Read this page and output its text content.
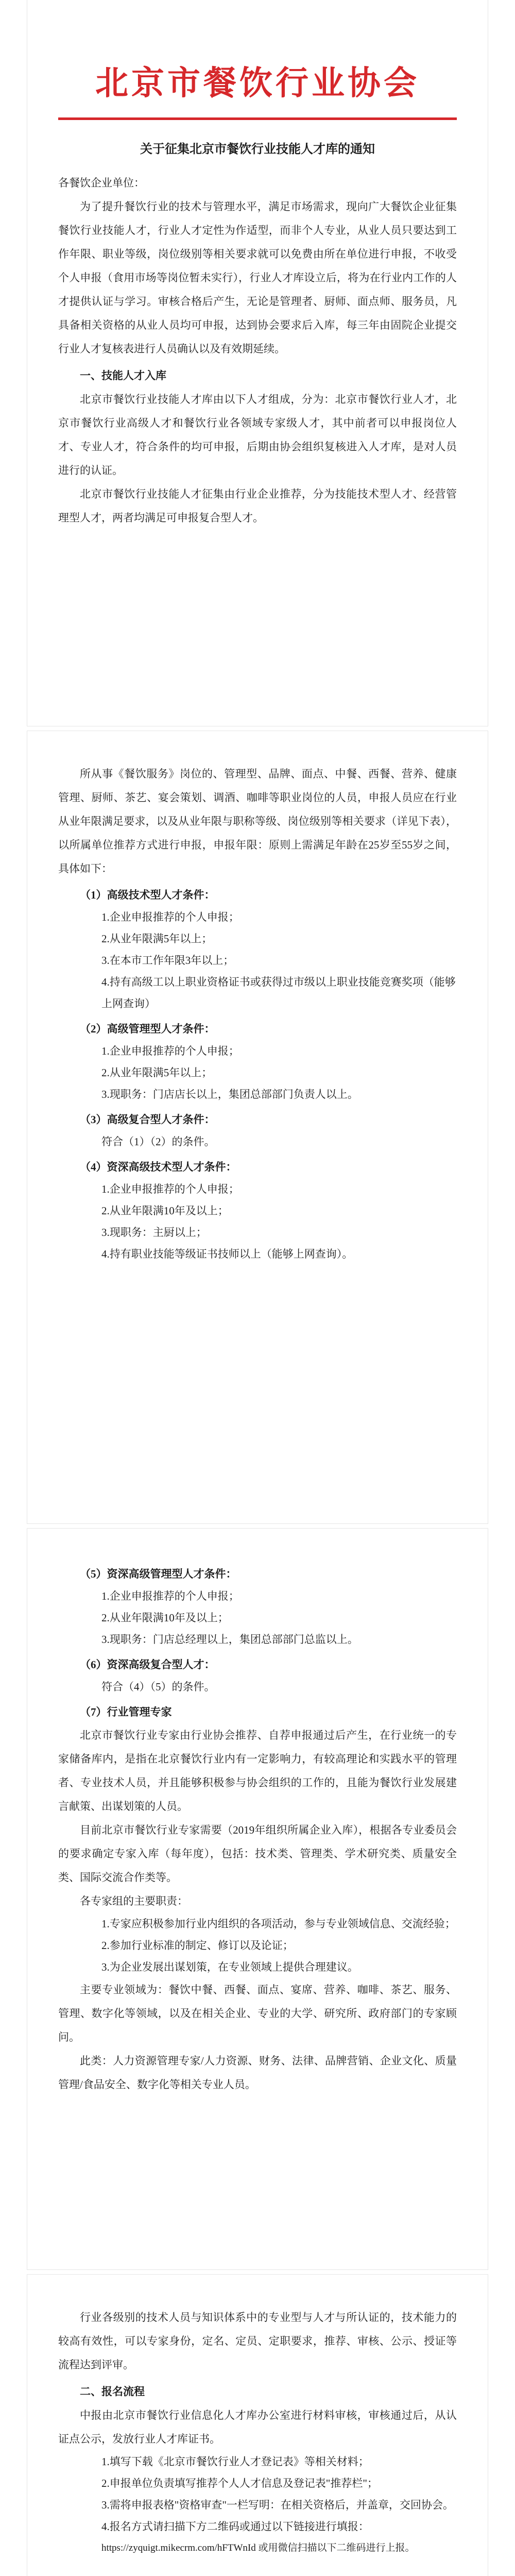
北京市餐饮行业协会
关于征集北京市餐饮行业技能人才库的通知

各餐饮企业单位：

为了提升餐饮行业的技术与管理水平，满足市场需求，现向广大餐饮企业征集餐饮行业技能人才，行业人才定性为作适型，而非个人专业，从业人员只要达到工作年限、职业等级，岗位级别等相关要求就可以免费由所在单位进行申报，不收受个人申报（食用市场等岗位暂未实行），行业人才库设立后，将为在行业内工作的人才提供认证与学习。审核合格后产生，无论是管理者、厨师、面点师、服务员，凡具备相关资格的从业人员均可申报，达到协会要求后入库，每三年由固院企业提交行业人才复核表进行人员确认以及有效期延续。

一、技能人才入库

北京市餐饮行业技能人才库由以下人才组成，分为：北京市餐饮行业人才，北京市餐饮行业高级人才和餐饮行业各领域专家级人才，其中前者可以申报岗位人才、专业人才，符合条件的均可申报，后期由协会组织复核进入人才库，是对人员进行的认证。

北京市餐饮行业技能人才征集由行业企业推荐，分为技能技术型人才、经营管理型人才，两者均满足可申报复合型人才。

所从事《餐饮服务》岗位的、管理型、品牌、面点、中餐、西餐、营养、健康管理、厨师、茶艺、宴会策划、调酒、咖啡等职业岗位的人员，申报人员应在行业从业年限满足要求，以及从业年限与职称等级、岗位级别等相关要求（详见下表），以所属单位推荐方式进行申报，申报年限：原则上需满足年龄在25岁至55岁之间，具体如下：

（1）高级技术型人才条件：

1.企业申报推荐的个人申报；

2.从业年限满5年以上；

3.在本市工作年限3年以上；

4.持有高级工以上职业资格证书或获得过市级以上职业技能竞赛奖项（能够上网查询）

（2）高级管理型人才条件：

1.企业申报推荐的个人申报；

2.从业年限满5年以上；

3.现职务：门店店长以上，集团总部部门负责人以上。

（3）高级复合型人才条件：

符合（1）（2）的条件。

（4）资深高级技术型人才条件：

1.企业申报推荐的个人申报；

2.从业年限满10年及以上；

3.现职务：主厨以上；

4.持有职业技能等级证书技师以上（能够上网查询）。

（5）资深高级管理型人才条件：

1.企业申报推荐的个人申报；

2.从业年限满10年及以上；

3.现职务：门店总经理以上，集团总部部门总监以上。

（6）资深高级复合型人才：

符合（4）（5）的条件。

（7）行业管理专家

北京市餐饮行业专家由行业协会推荐、自荐申报通过后产生，在行业统一的专家储备库内，是指在北京餐饮行业内有一定影响力，有较高理论和实践水平的管理者、专业技术人员，并且能够积极参与协会组织的工作的，且能为餐饮行业发展建言献策、出谋划策的人员。

目前北京市餐饮行业专家需要（2019年组织所属企业入库），根据各专业委员会的要求确定专家入库（每年度），包括：技术类、管理类、学术研究类、质量安全类、国际交流合作类等。

各专家组的主要职责：

1.专家应积极参加行业内组织的各项活动，参与专业领域信息、交流经验；

2.参加行业标准的制定、修订以及论证；

3.为企业发展出谋划策，在专业领域上提供合理建议。

主要专业领域为：餐饮中餐、西餐、面点、宴席、营养、咖啡、茶艺、服务、管理、数字化等领域，以及在相关企业、专业的大学、研究所、政府部门的专家顾问。

此类：人力资源管理专家/人力资源、财务、法律、品牌营销、企业文化、质量管理/食品安全、数字化等相关专业人员。

行业各级别的技术人员与知识体系中的专业型与人才与所认证的，技术能力的较高有效性，可以专家身份，定名、定员、定职要求，推荐、审核、公示、授证等流程达到评审。

二、报名流程

中报由北京市餐饮行业信息化人才库办公室进行材料审核，审核通过后，从认证点公示，发放行业人才库证书。

1.填写下载《北京市餐饮行业人才登记表》等相关材料；

2.申报单位负责填写推荐个人人才信息及登记表"推荐栏"；

3.需将申报表格"资格审查"一栏写明：在相关资格后，并盖章，交回协会。

4.报名方式请扫描下方二维码或通过以下链接进行填报：

https://zyquigt.mikecrm.com/hFTWnId 或用微信扫描以下二维码进行上报。
